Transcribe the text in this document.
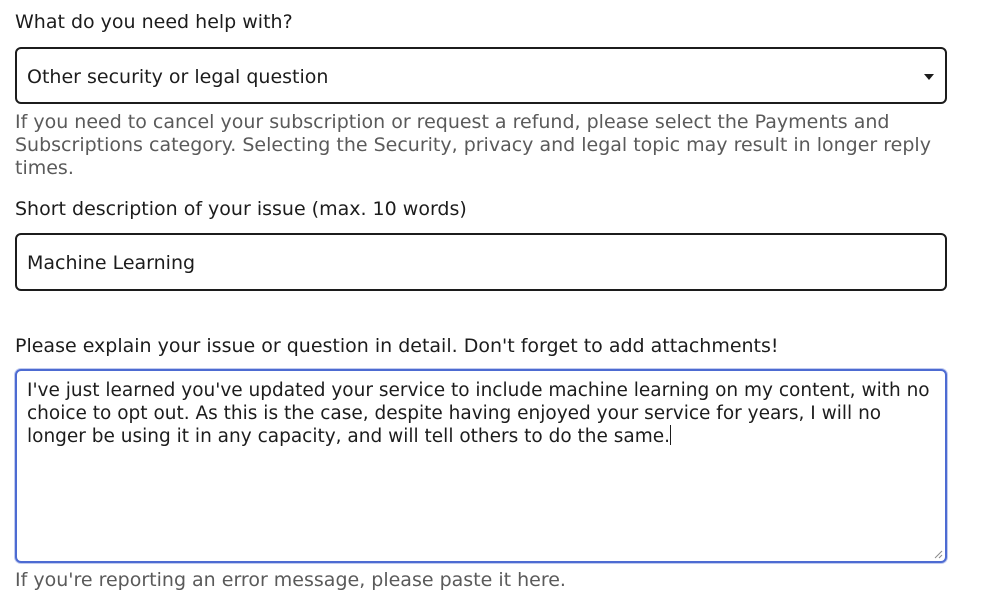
What do you need help with?
Other security or legal question
If you need to cancel your subscription or request a refund, please select the Payments and Subscriptions category. Selecting the Security, privacy and legal topic may result in longer reply times.
Short description of your issue (max. 10 words)
Machine Learning
Please explain your issue or question in detail. Don't forget to add attachments!
I've just learned you've updated your service to include machine learning on my content, with no choice to opt out. As this is the case, despite having enjoyed your service for years, I will no longer be using it in any capacity, and will tell others to do the same.
If you're reporting an error message, please paste it here.
